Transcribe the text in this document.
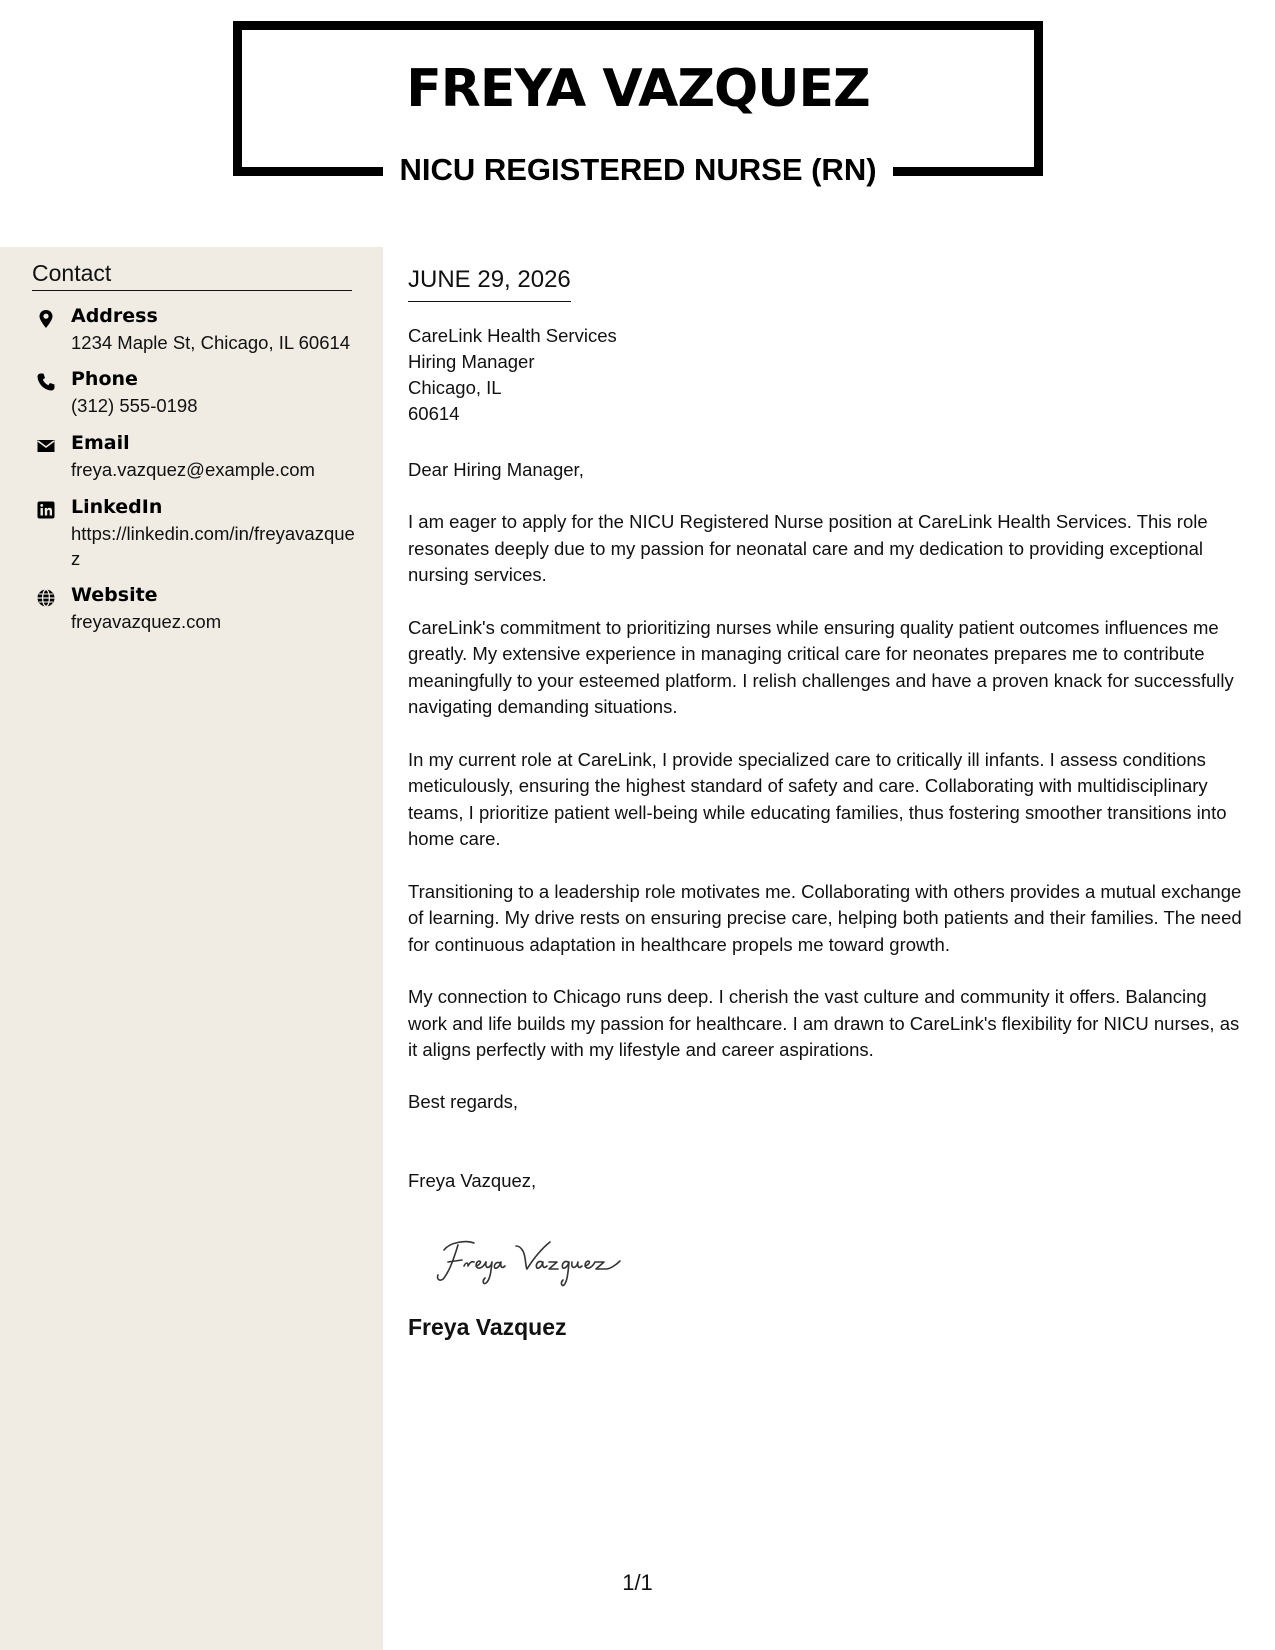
FREYA VAZQUEZ
NICU REGISTERED NURSE (RN)
Contact
Address
1234 Maple St, Chicago, IL 60614
Phone
(312) 555-0198
Email
freya.vazquez@example.com
LinkedIn
https://linkedin.com/in/freyavazquez
Website
freyavazquez.com
JUNE 29, 2026
CareLink Health Services
Hiring Manager
Chicago, IL
60614
Dear Hiring Manager,

I am eager to apply for the NICU Registered Nurse position at CareLink Health Services. This role resonates deeply due to my passion for neonatal care and my dedication to providing exceptional nursing services.

CareLink's commitment to prioritizing nurses while ensuring quality patient outcomes influences me greatly. My extensive experience in managing critical care for neonates prepares me to contribute meaningfully to your esteemed platform. I relish challenges and have a proven knack for successfully navigating demanding situations.

In my current role at CareLink, I provide specialized care to critically ill infants. I assess conditions meticulously, ensuring the highest standard of safety and care. Collaborating with multidisciplinary teams, I prioritize patient well-being while educating families, thus fostering smoother transitions into home care.

Transitioning to a leadership role motivates me. Collaborating with others provides a mutual exchange of learning. My drive rests on ensuring precise care, helping both patients and their families. The need for continuous adaptation in healthcare propels me toward growth.

My connection to Chicago runs deep. I cherish the vast culture and community it offers. Balancing work and life builds my passion for healthcare. I am drawn to CareLink's flexibility for NICU nurses, as it aligns perfectly with my lifestyle and career aspirations.

Best regards,
Freya Vazquez,
Freya Vazquez
1/1
